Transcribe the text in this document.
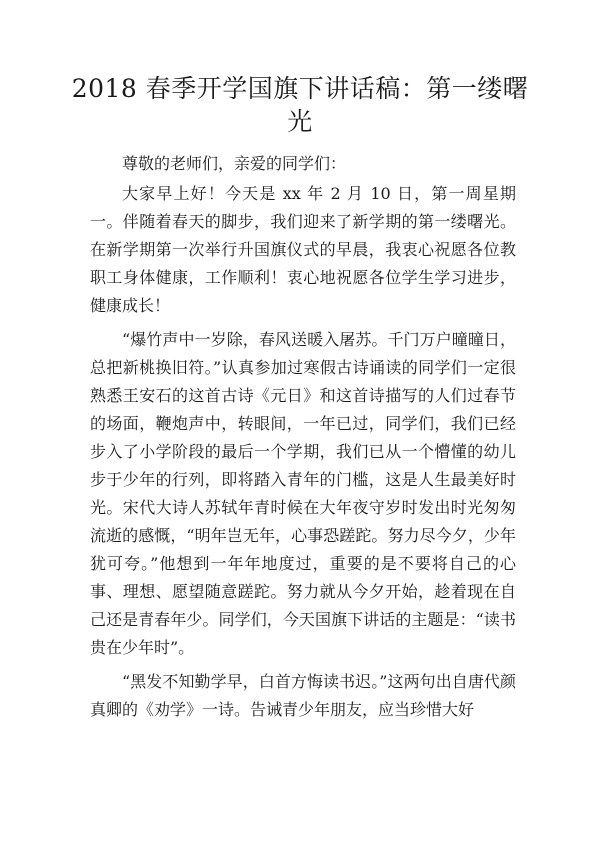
2018 春季开学国旗下讲话稿：第一缕曙光

尊敬的老师们，亲爱的同学们：

大家早上好！今天是 xx 年 2 月 10 日，第一周星期一。伴随着春天的脚步，我们迎来了新学期的第一缕曙光。在新学期第一次举行升国旗仪式的早晨，我衷心祝愿各位教职工身体健康，工作顺利！衷心地祝愿各位学生学习进步，健康成长！

“爆竹声中一岁除，春风送暖入屠苏。千门万户曈曈日，总把新桃换旧符。”认真参加过寒假古诗诵读的同学们一定很熟悉王安石的这首古诗《元日》和这首诗描写的人们过春节的场面，鞭炮声中，转眼间，一年已过，同学们，我们已经步入了小学阶段的最后一个学期，我们已从一个懵懂的幼儿步于少年的行列，即将踏入青年的门槛，这是人生最美好时光。宋代大诗人苏轼年青时候在大年夜守岁时发出时光匆匆流逝的感慨，“明年岂无年，心事恐蹉跎。努力尽今夕，少年犹可夸。”他想到一年年地度过，重要的是不要将自己的心事、理想、愿望随意蹉跎。努力就从今夕开始，趁着现在自己还是青春年少。同学们，今天国旗下讲话的主题是：“读书贵在少年时”。

“黑发不知勤学早，白首方悔读书迟。”这两句出自唐代颜真卿的《劝学》一诗。告诫青少年朋友，应当珍惜大好
